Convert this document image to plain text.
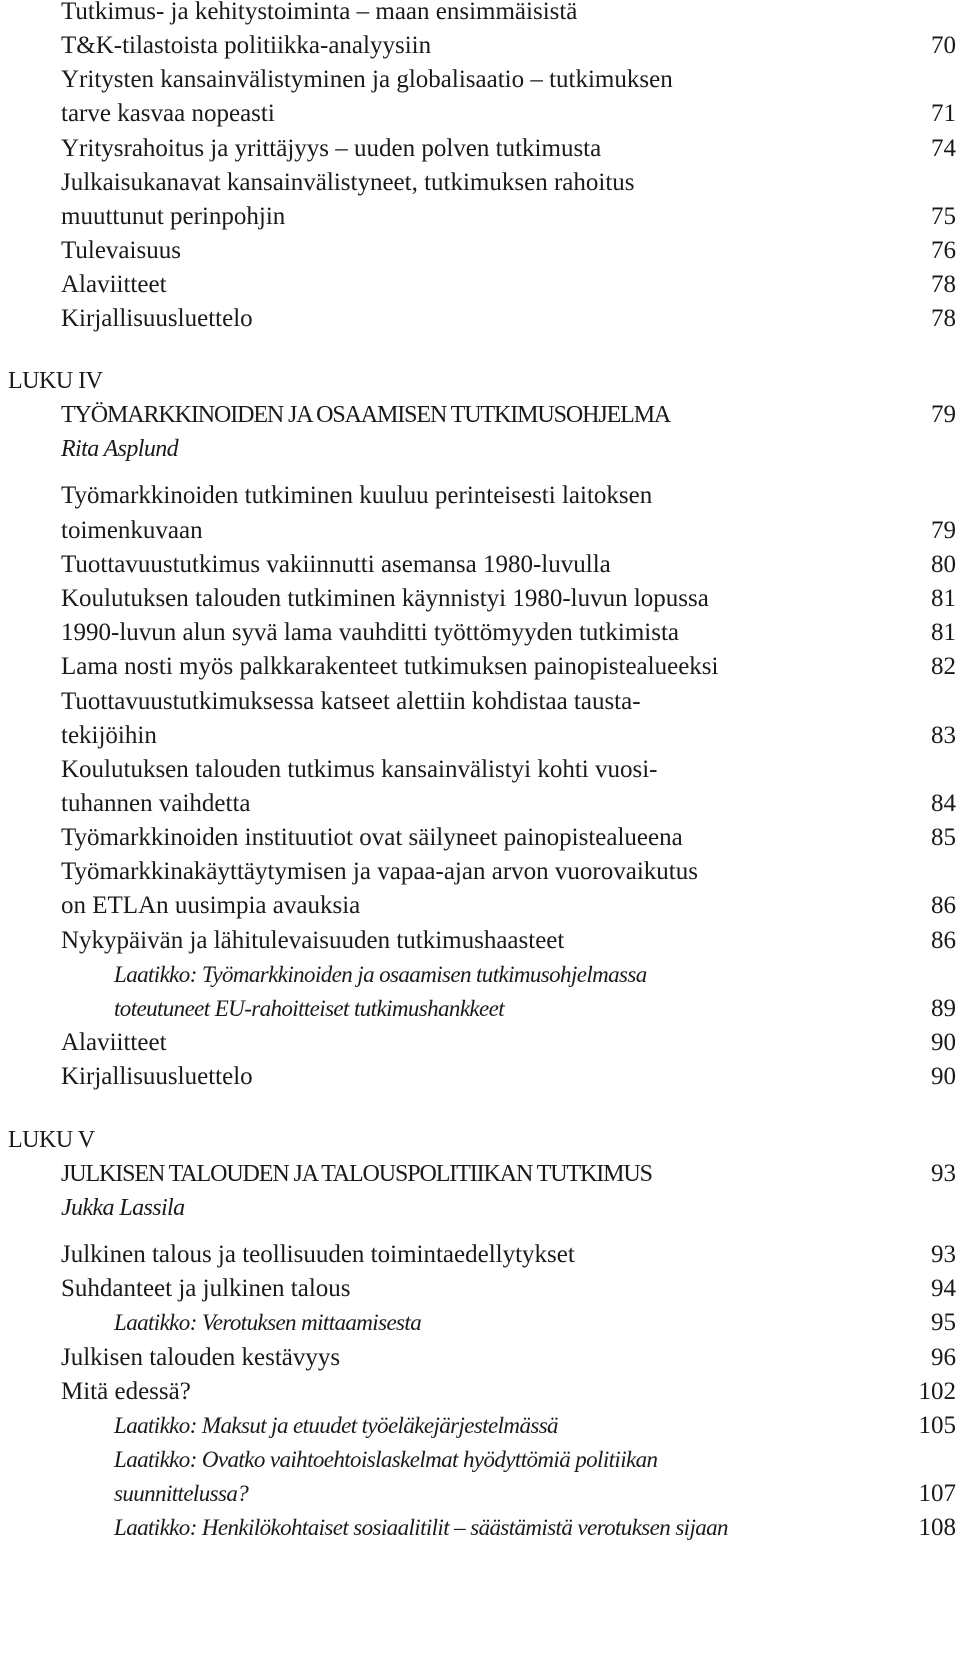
Tutkimus- ja kehitystoiminta – maan ensimmäisistä
T&K-tilastoista politiikka-analyysiin	70
Yritysten kansainvälistyminen ja globalisaatio – tutkimuksen
tarve kasvaa nopeasti	71
Yritysrahoitus ja yrittäjyys – uuden polven tutkimusta	74
Julkaisukanavat kansainvälistyneet, tutkimuksen rahoitus
muuttunut perinpohjin	75
Tulevaisuus	76
Alaviitteet	78
Kirjallisuusluettelo	78
LUKU IV
TYÖMARKKINOIDEN JA OSAAMISEN TUTKIMUSOHJELMA	79
Rita Asplund
Työmarkkinoiden tutkiminen kuuluu perinteisesti laitoksen
toimenkuvaan	79
Tuottavuustutkimus vakiinnutti asemansa 1980-luvulla	80
Koulutuksen talouden tutkiminen käynnistyi 1980-luvun lopussa	81
1990-luvun alun syvä lama vauhditti työttömyyden tutkimista	81
Lama nosti myös palkkarakenteet tutkimuksen painopistealueeksi	82
Tuottavuustutkimuksessa katseet alettiin kohdistaa tausta-
tekijöihin	83
Koulutuksen talouden tutkimus kansainvälistyi kohti vuosi-
tuhannen vaihdetta	84
Työmarkkinoiden instituutiot ovat säilyneet painopistealueena	85
Työmarkkinakäyttäytymisen ja vapaa-ajan arvon vuorovaikutus
on ETLAn uusimpia avauksia	86
Nykypäivän ja lähitulevaisuuden tutkimushaasteet	86
Laatikko: Työmarkkinoiden ja osaamisen tutkimusohjelmassa
toteutuneet EU-rahoitteiset tutkimushankkeet	89
Alaviitteet	90
Kirjallisuusluettelo	90
LUKU V
JULKISEN TALOUDEN JA TALOUSPOLITIIKAN TUTKIMUS	93
Jukka Lassila
Julkinen talous ja teollisuuden toimintaedellytykset	93
Suhdanteet ja julkinen talous	94
Laatikko: Verotuksen mittaamisesta	95
Julkisen talouden kestävyys	96
Mitä edessä?	102
Laatikko: Maksut ja etuudet työeläkejärjestelmässä	105
Laatikko: Ovatko vaihtoehtoislaskelmat hyödyttömiä politiikan
suunnittelussa?	107
Laatikko: Henkilökohtaiset sosiaalitilit – säästämistä verotuksen sijaan	108
